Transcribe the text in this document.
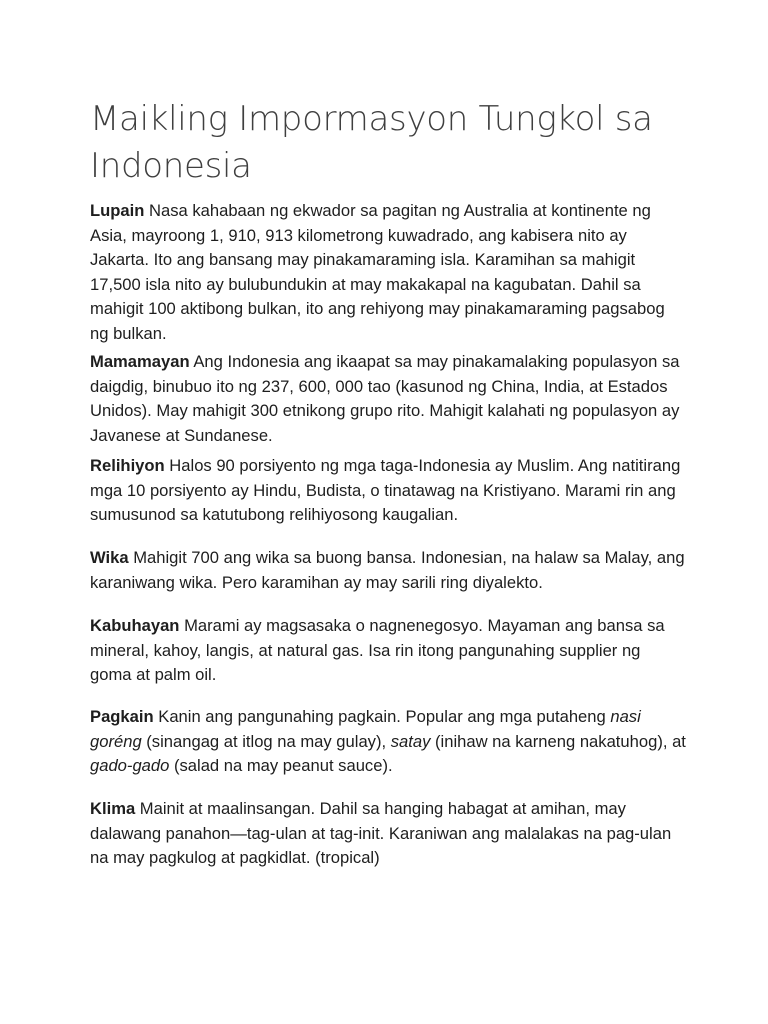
Maikling Impormasyon Tungkol sa Indonesia
Lupain Nasa kahabaan ng ekwador sa pagitan ng Australia at kontinente ng Asia, mayroong 1, 910, 913 kilometrong kuwadrado, ang kabisera nito ay Jakarta. Ito ang bansang may pinakamaraming isla. Karamihan sa mahigit 17,500 isla nito ay bulubundukin at may makakapal na kagubatan. Dahil sa mahigit 100 aktibong bulkan, ito ang rehiyong may pinakamaraming pagsabog ng bulkan.
Mamamayan Ang Indonesia ang ikaapat sa may pinakamalaking populasyon sa daigdig, binubuo ito ng 237, 600, 000 tao (kasunod ng China, India, at Estados Unidos). May mahigit 300 etnikong grupo rito. Mahigit kalahati ng populasyon ay Javanese at Sundanese.
Relihiyon Halos 90 porsiyento ng mga taga-Indonesia ay Muslim. Ang natitirang mga 10 porsiyento ay Hindu, Budista, o tinatawag na Kristiyano. Marami rin ang sumusunod sa katutubong relihiyosong kaugalian.
Wika Mahigit 700 ang wika sa buong bansa. Indonesian, na halaw sa Malay, ang karaniwang wika. Pero karamihan ay may sarili ring diyalekto.
Kabuhayan Marami ay magsasaka o nagnenegosyo. Mayaman ang bansa sa mineral, kahoy, langis, at natural gas. Isa rin itong pangunahing supplier ng goma at palm oil.
Pagkain Kanin ang pangunahing pagkain. Popular ang mga putaheng nasi goréng (sinangag at itlog na may gulay), satay (inihaw na karneng nakatuhog), at gado-gado (salad na may peanut sauce).
Klima Mainit at maalinsangan. Dahil sa hanging habagat at amihan, may dalawang panahon—tag-ulan at tag-init. Karaniwan ang malalakas na pag-ulan na may pagkulog at pagkidlat. (tropical)
